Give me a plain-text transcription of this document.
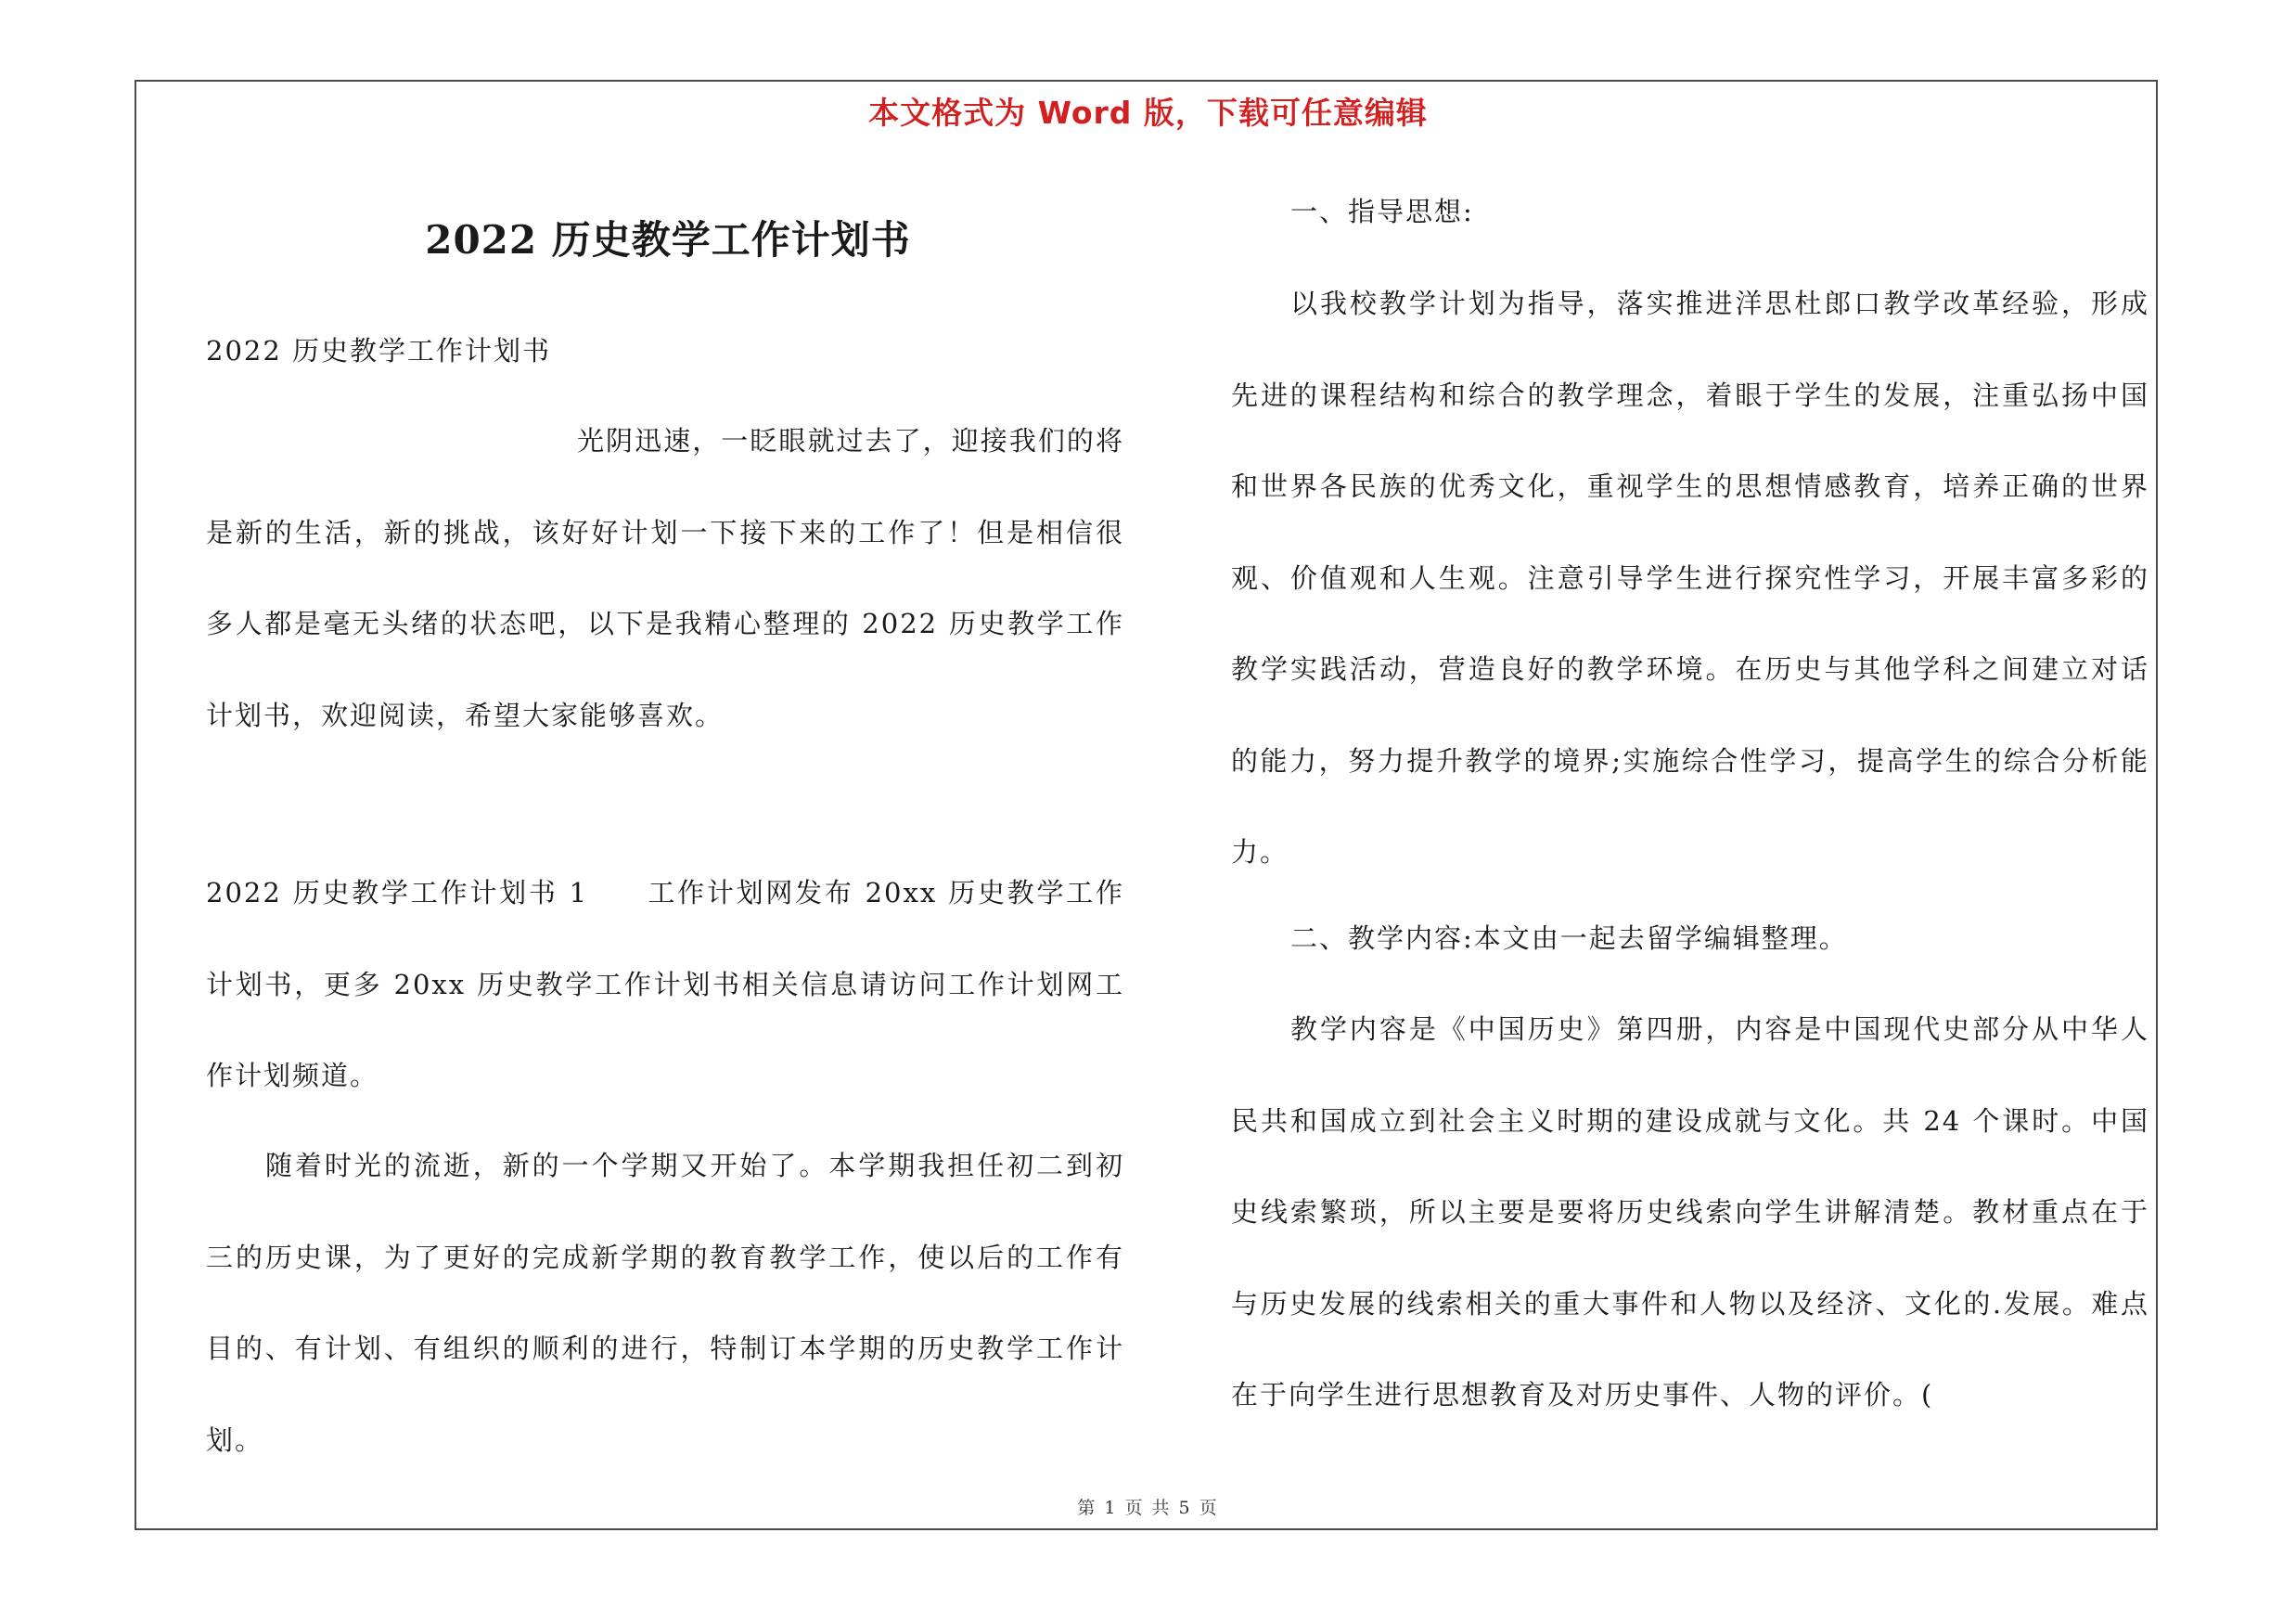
本文格式为 Word 版，下载可任意编辑
2022 历史教学工作计划书

2022 历史教学工作计划书

光阴迅速，一眨眼就过去了，迎接我们的将是新的生活，新的挑战，该好好计划一下接下来的工作了！但是相信很多人都是毫无头绪的状态吧，以下是我精心整理的 2022 历史教学工作计划书，欢迎阅读，希望大家能够喜欢。

2022 历史教学工作计划书 1　　工作计划网发布 20xx 历史教学工作计划书，更多 20xx 历史教学工作计划书相关信息请访问工作计划网工作计划频道。

随着时光的流逝，新的一个学期又开始了。本学期我担任初二到初三的历史课，为了更好的完成新学期的教育教学工作，使以后的工作有目的、有计划、有组织的顺利的进行，特制订本学期的历史教学工作计划。

一、指导思想:

以我校教学计划为指导，落实推进洋思杜郎口教学改革经验，形成先进的课程结构和综合的教学理念，着眼于学生的发展，注重弘扬中国和世界各民族的优秀文化，重视学生的思想情感教育，培养正确的世界观、价值观和人生观。注意引导学生进行探究性学习，开展丰富多彩的教学实践活动，营造良好的教学环境。在历史与其他学科之间建立对话的能力，努力提升教学的境界;实施综合性学习，提高学生的综合分析能力。

二、教学内容:本文由一起去留学编辑整理。

教学内容是《中国历史》第四册，内容是中国现代史部分从中华人民共和国成立到社会主义时期的建设成就与文化。共 24 个课时。中国史线索繁琐，所以主要是要将历史线索向学生讲解清楚。教材重点在于与历史发展的线索相关的重大事件和人物以及经济、文化的.发展。难点在于向学生进行思想教育及对历史事件、人物的评价。(

第 1 页 共 5 页
